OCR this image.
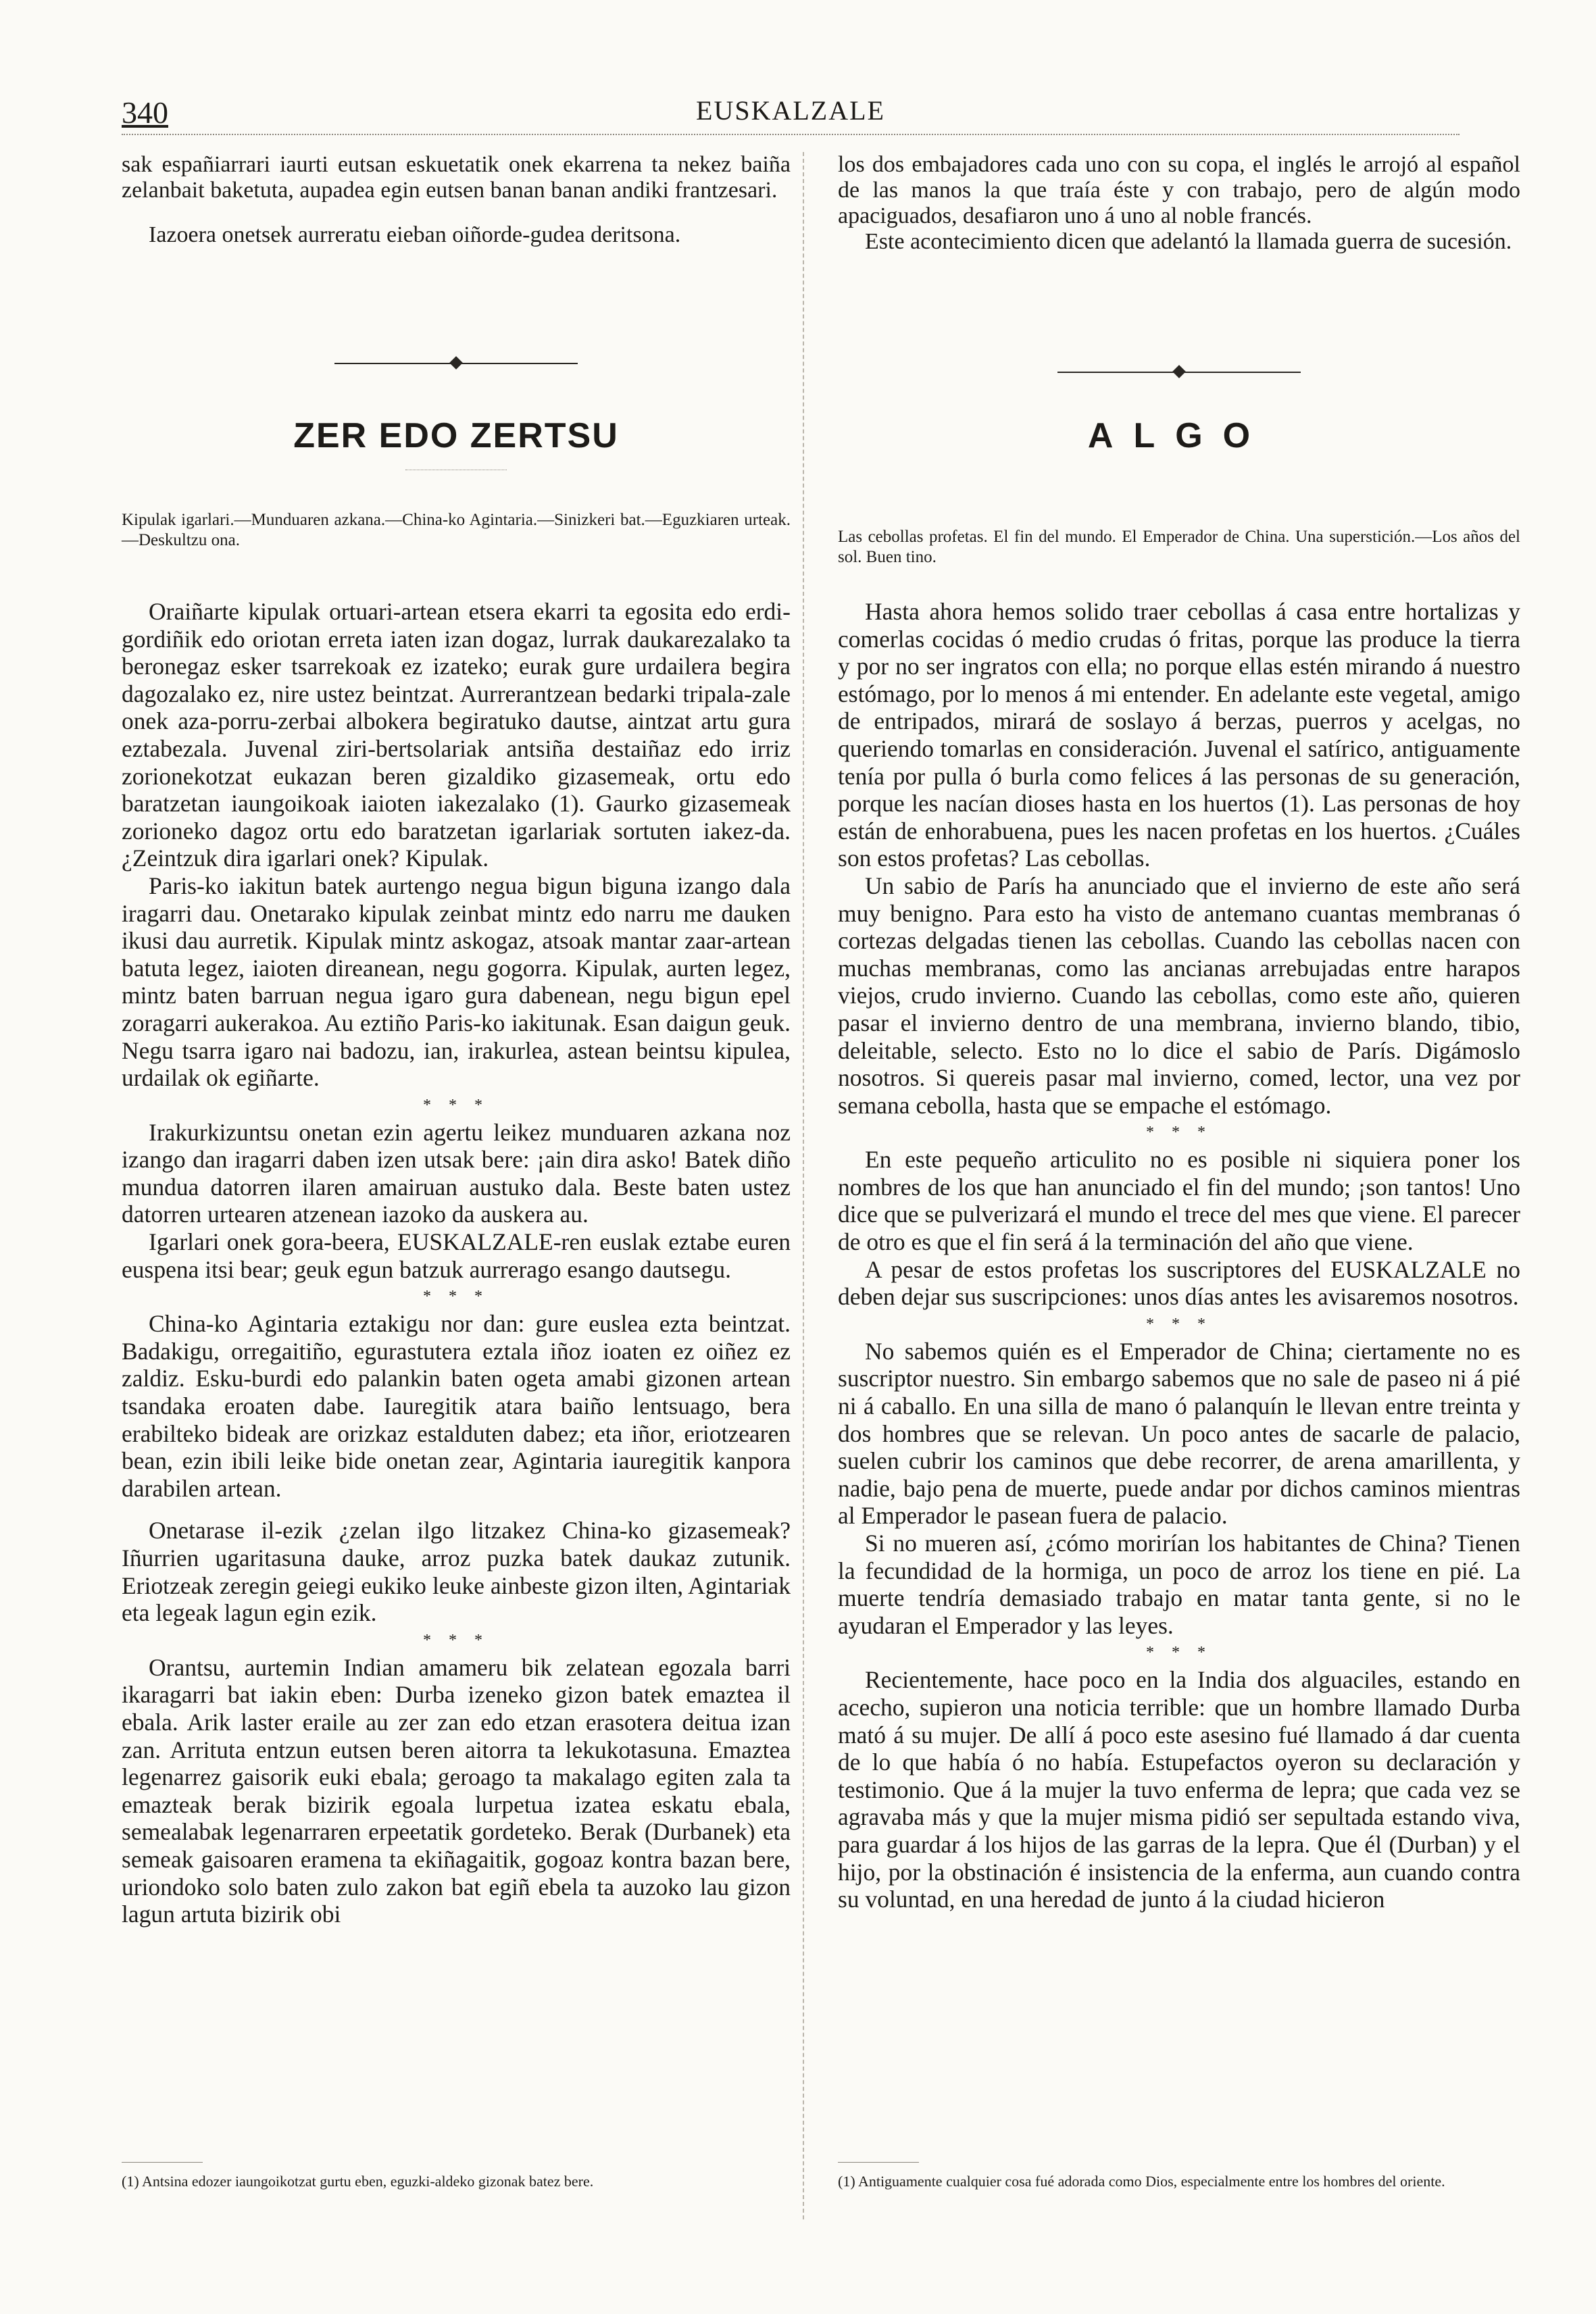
340	EUSKALZALE

sak españiarrari iaurti eutsan eskuetatik onek ekarrena ta nekez baiña zelanbait baketuta, aupadea egin eutsen banan banan andiki frantzesari.

Iazoera onetsek aurreratu eieban oiñorde-gudea deritsona.

ZER EDO ZERTSU

Kipulak igarlari.—Munduaren azkana.—China-ko Agintaria.—Sinizkeri bat.—Eguzkiaren urteak.—Deskultzu ona.

Oraiñarte kipulak ortuari-artean etsera ekarri ta egosita edo erdi-gordiñik edo oriotan erreta iaten izan dogaz, lurrak daukarezalako ta beronegaz esker tsarrekoak ez izateko; eurak gure urdailera begira dagozalako ez, nire ustez beintzat. Aurrerantzean bedarki tripala-zale onek aza-porru-zerbai albokera begiratuko dautse, aintzat artu gura eztabezala. Juvenal ziri-bertsolariak antsiña destaiñaz edo irriz zorionekotzat eukazan beren gizaldiko gizasemeak, ortu edo baratzetan iaungoikoak iaioten iakezalako (1). Gaurko gizasemeak zorioneko dagoz ortu edo baratzetan igarlariak sortuten iakez-da. ¿Zeintzuk dira igarlari onek? Kipulak.

Paris-ko iakitun batek aurtengo negua bigun biguna izango dala iragarri dau. Onetarako kipulak zeinbat mintz edo narru me dauken ikusi dau aurretik. Kipulak mintz askogaz, atsoak mantar zaar-artean batuta legez, iaioten direanean, negu gogorra. Kipulak, aurten legez, mintz baten barruan negua igaro gura dabenean, negu bigun epel zoragarri aukerakoa. Au eztiño Paris-ko iakitunak. Esan daigun geuk. Negu tsarra igaro nai badozu, ian, irakurlea, astean beintsu kipulea, urdailak ok egiñarte.

* * *

Irakurkizuntsu onetan ezin agertu leikez munduaren azkana noz izango dan iragarri daben izen utsak bere: ¡ain dira asko! Batek diño mundua datorren ilaren amairuan austuko dala. Beste baten ustez datorren urtearen atzenean iazoko da auskera au.

Igarlari onek gora-beera, EUSKALZALE-ren euslak eztabe euren euspena itsi bear; geuk egun batzuk aurrerago esango dautsegu.

* * *

China-ko Agintaria eztakigu nor dan: gure euslea ezta beintzat. Badakigu, orregaitiño, egurastutera eztala iñoz ioaten ez oiñez ez zaldiz. Esku-burdi edo palankin baten ogeta amabi gizonen artean tsandaka eroaten dabe. Iauregitik atara baiño lentsuago, bera erabilteko bideak are orizkaz estalduten dabez; eta iñor, eriotzearen bean, ezin ibili leike bide onetan zear, Agintaria iauregitik kanpora darabilen artean.

Onetarase il-ezik ¿zelan ilgo litzakez China-ko gizasemeak? Iñurrien ugaritasuna dauke, arroz puzka batek daukaz zutunik. Eriotzeak zeregin geiegi eukiko leuke ainbeste gizon ilten, Agintariak eta legeak lagun egin ezik.

* * *

Orantsu, aurtemin Indian amameru bik zelatean egozala barri ikaragarri bat iakin eben: Durba izeneko gizon batek emaztea il ebala. Arik laster eraile au zer zan edo etzan erasotera deitua izan zan. Arrituta entzun eutsen beren aitorra ta lekukotasuna. Emaztea legenarrez gaisorik euki ebala; geroago ta makalago egiten zala ta emazteak berak bizirik egoala lurpetua izatea eskatu ebala, semealabak legenarraren erpeetatik gordeteko. Berak (Durbanek) eta semeak gaisoaren eramena ta ekiñagaitik, gogoaz kontra bazan bere, uriondoko solo baten zulo zakon bat egiñ ebela ta auzoko lau gizon lagun artuta bizirik obi

(1) Antsina edozer iaungoikotzat gurtu eben, eguzki-aldeko gizonak batez bere.

los dos embajadores cada uno con su copa, el inglés le arrojó al español de las manos la que traía éste y con trabajo, pero de algún modo apaciguados, desafiaron uno á uno al noble francés.

Este acontecimiento dicen que adelantó la llamada guerra de sucesión.

ALGO

Las cebollas profetas. El fin del mundo. El Emperador de China. Una superstición.—Los años del sol. Buen tino.

Hasta ahora hemos solido traer cebollas á casa entre hortalizas y comerlas cocidas ó medio crudas ó fritas, porque las produce la tierra y por no ser ingratos con ella; no porque ellas estén mirando á nuestro estómago, por lo menos á mi entender. En adelante este vegetal, amigo de entripados, mirará de soslayo á berzas, puerros y acelgas, no queriendo tomarlas en consideración. Juvenal el satírico, antiguamente tenía por pulla ó burla como felices á las personas de su generación, porque les nacían dioses hasta en los huertos (1). Las personas de hoy están de enhorabuena, pues les nacen profetas en los huertos. ¿Cuáles son estos profetas? Las cebollas.

Un sabio de París ha anunciado que el invierno de este año será muy benigno. Para esto ha visto de antemano cuantas membranas ó cortezas delgadas tienen las cebollas. Cuando las cebollas nacen con muchas membranas, como las ancianas arrebujadas entre harapos viejos, crudo invierno. Cuando las cebollas, como este año, quieren pasar el invierno dentro de una membrana, invierno blando, tibio, deleitable, selecto. Esto no lo dice el sabio de París. Digámoslo nosotros. Si quereis pasar mal invierno, comed, lector, una vez por semana cebolla, hasta que se empache el estómago.

* * *

En este pequeño articulito no es posible ni siquiera poner los nombres de los que han anunciado el fin del mundo; ¡son tantos! Uno dice que se pulverizará el mundo el trece del mes que viene. El parecer de otro es que el fin será á la terminación del año que viene.

A pesar de estos profetas los suscriptores del EUSKALZALE no deben dejar sus suscripciones: unos días antes les avisaremos nosotros.

* * *

No sabemos quién es el Emperador de China; ciertamente no es suscriptor nuestro. Sin embargo sabemos que no sale de paseo ni á pié ni á caballo. En una silla de mano ó palanquín le llevan entre treinta y dos hombres que se relevan. Un poco antes de sacarle de palacio, suelen cubrir los caminos que debe recorrer, de arena amarillenta, y nadie, bajo pena de muerte, puede andar por dichos caminos mientras al Emperador le pasean fuera de palacio.

Si no mueren así, ¿cómo morirían los habitantes de China? Tienen la fecundidad de la hormiga, un poco de arroz los tiene en pié. La muerte tendría demasiado trabajo en matar tanta gente, si no le ayudaran el Emperador y las leyes.

* * *

Recientemente, hace poco en la India dos alguaciles, estando en acecho, supieron una noticia terrible: que un hombre llamado Durba mató á su mujer. De allí á poco este asesino fué llamado á dar cuenta de lo que había ó no había. Estupefactos oyeron su declaración y testimonio. Que á la mujer la tuvo enferma de lepra; que cada vez se agravaba más y que la mujer misma pidió ser sepultada estando viva, para guardar á los hijos de las garras de la lepra. Que él (Durban) y el hijo, por la obstinación é insistencia de la enferma, aun cuando contra su voluntad, en una heredad de junto á la ciudad hicieron

(1) Antiguamente cualquier cosa fué adorada como Dios, especialmente entre los hombres del oriente.
